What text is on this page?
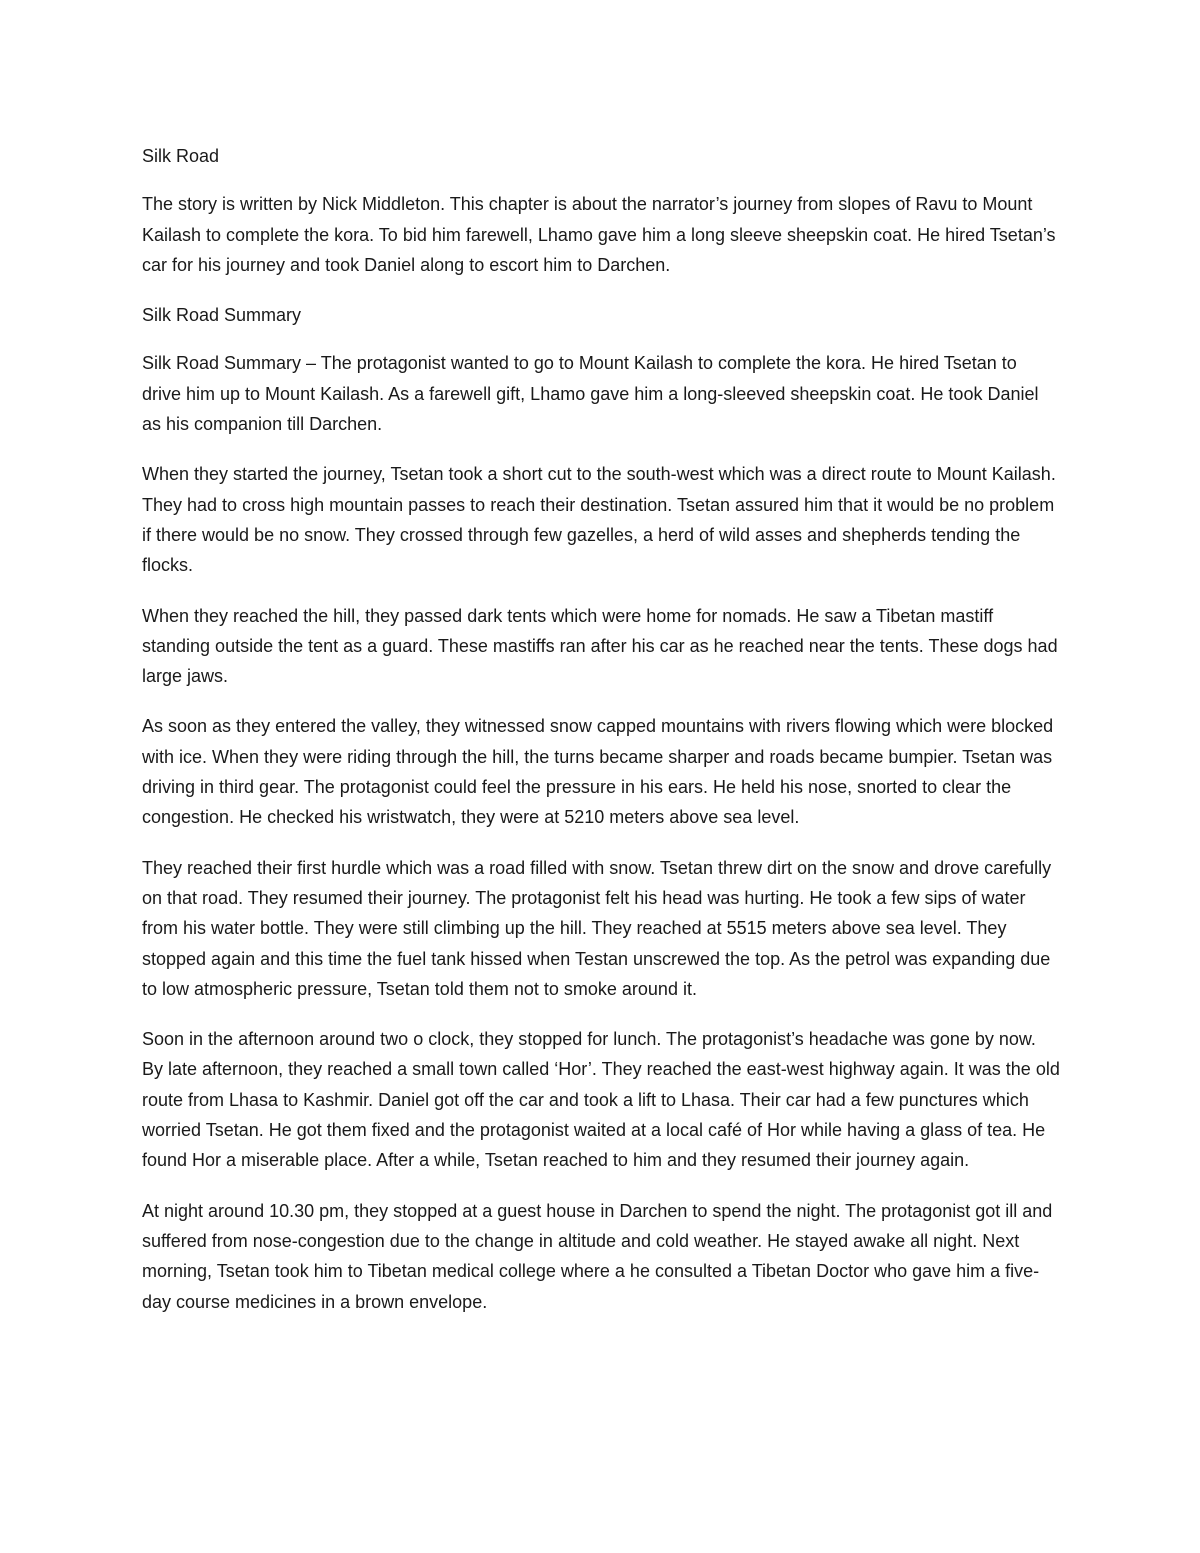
Silk Road

The story is written by Nick Middleton. This chapter is about the narrator’s journey from slopes of Ravu to Mount Kailash to complete the kora. To bid him farewell, Lhamo gave him a long sleeve sheepskin coat. He hired Tsetan’s car for his journey and took Daniel along to escort him to Darchen.

Silk Road Summary

Silk Road Summary – The protagonist wanted to go to Mount Kailash to complete the kora. He hired Tsetan to drive him up to Mount Kailash. As a farewell gift, Lhamo gave him a long-sleeved sheepskin coat. He took Daniel as his companion till Darchen.

When they started the journey, Tsetan took a short cut to the south-west which was a direct route to Mount Kailash. They had to cross high mountain passes to reach their destination. Tsetan assured him that it would be no problem if there would be no snow. They crossed through few gazelles, a herd of wild asses and shepherds tending the flocks.

When they reached the hill, they passed dark tents which were home for nomads. He saw a Tibetan mastiff standing outside the tent as a guard. These mastiffs ran after his car as he reached near the tents. These dogs had large jaws.

As soon as they entered the valley, they witnessed snow capped mountains with rivers flowing which were blocked with ice. When they were riding through the hill, the turns became sharper and roads became bumpier. Tsetan was driving in third gear. The protagonist could feel the pressure in his ears. He held his nose, snorted to clear the congestion. He checked his wristwatch, they were at 5210 meters above sea level.

They reached their first hurdle which was a road filled with snow. Tsetan threw dirt on the snow and drove carefully on that road. They resumed their journey. The protagonist felt his head was hurting. He took a few sips of water from his water bottle. They were still climbing up the hill. They reached at 5515 meters above sea level. They stopped again and this time the fuel tank hissed when Testan unscrewed the top. As the petrol was expanding due to low atmospheric pressure, Tsetan told them not to smoke around it.

Soon in the afternoon around two o clock, they stopped for lunch. The protagonist’s headache was gone by now. By late afternoon, they reached a small town called ‘Hor’. They reached the east-west highway again. It was the old route from Lhasa to Kashmir. Daniel got off the car and took a lift to Lhasa. Their car had a few punctures which worried Tsetan. He got them fixed and the protagonist waited at a local café of Hor while having a glass of tea. He found Hor a miserable place. After a while, Tsetan reached to him and they resumed their journey again.

At night around 10.30 pm, they stopped at a guest house in Darchen to spend the night. The protagonist got ill and suffered from nose-congestion due to the change in altitude and cold weather. He stayed awake all night. Next morning, Tsetan took him to Tibetan medical college where a he consulted a Tibetan Doctor who gave him a five-day course medicines in a brown envelope.
